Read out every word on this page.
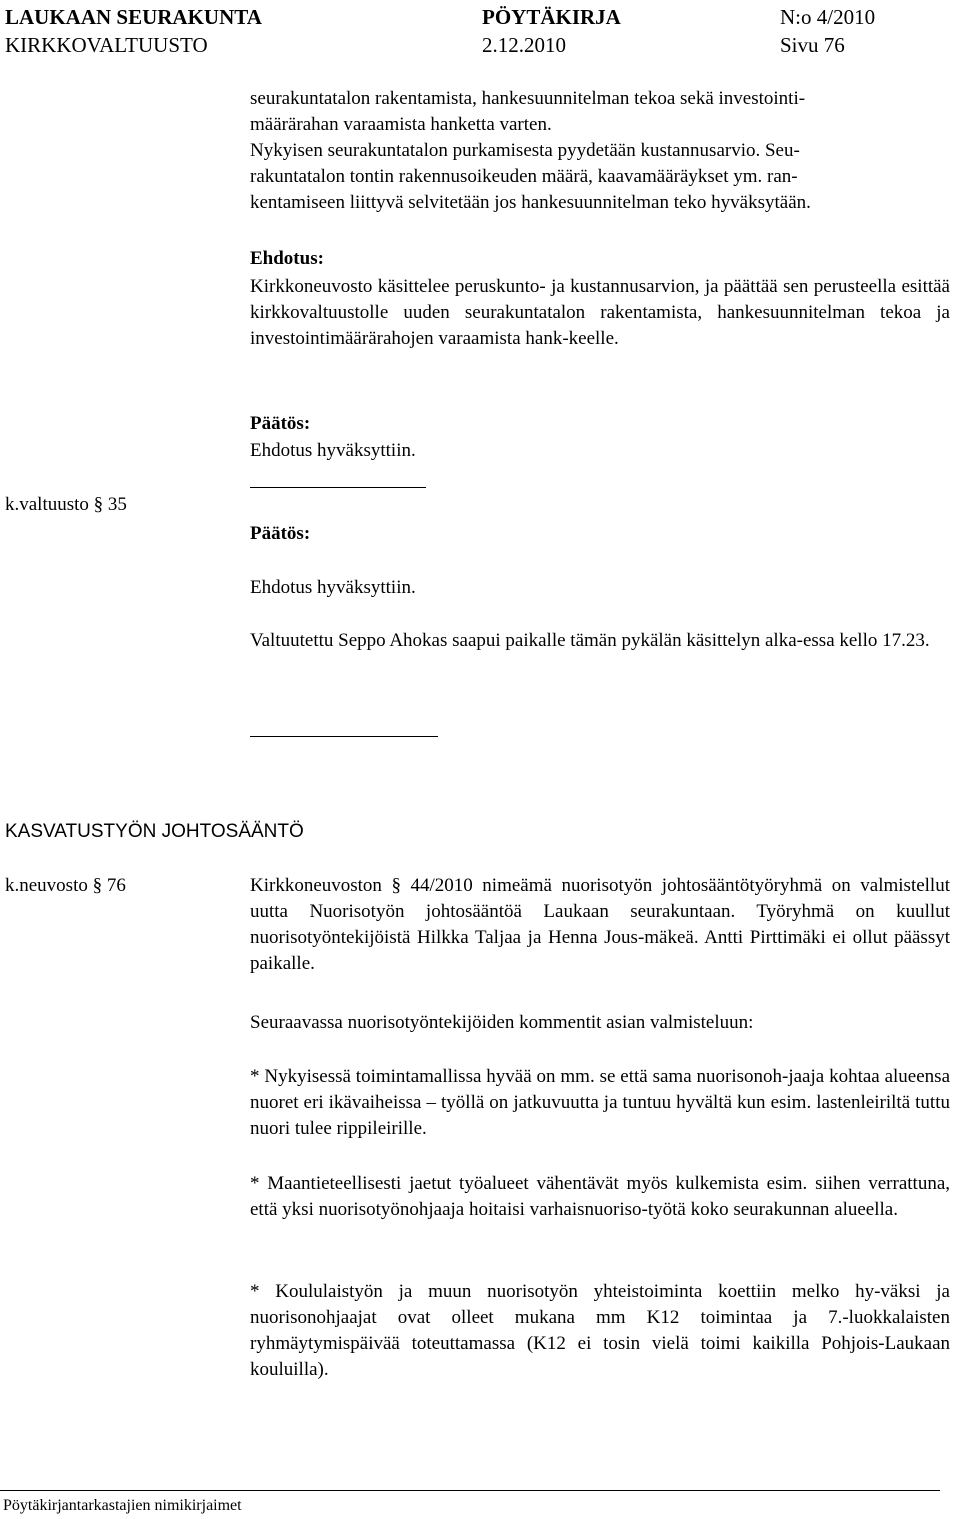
LAUKAAN SEURAKUNTA	PÖYTÄKIRJA	N:o 4/2010
KIRKKOVALTUUSTO	2.12.2010	Sivu 76
seurakuntatalon rakentamista, hankesuunnitelman tekoa sekä investointi-
määrärahan varaamista hanketta varten.
Nykyisen seurakuntatalon purkamisesta pyydetään kustannusarvio. Seu-
rakuntatalon tontin rakennusoikeuden määrä, kaavamääräykset ym. ran-
kentamiseen liittyvä selvitetään jos hankesuunnitelman teko hyväksytään.
Ehdotus:
Kirkkoneuvosto käsittelee peruskunto- ja kustannusarvion, ja päättää sen perusteella esittää kirkkovaltuustolle uuden seurakuntatalon rakentamista, hankesuunnitelman tekoa ja investointimäärärahojen varaamista hank-keelle.
Päätös:
Ehdotus hyväksyttiin.
k.valtuusto § 35
Päätös:
Ehdotus hyväksyttiin.
Valtuutettu Seppo Ahokas saapui paikalle tämän pykälän käsittelyn alka-essa kello 17.23.
KASVATUSTYÖN JOHTOSÄÄNTÖ
k.neuvosto § 76	Kirkkoneuvoston § 44/2010 nimeämä nuorisotyön johtosääntötyöryhmä on valmistellut uutta Nuorisotyön johtosääntöä Laukaan seurakuntaan. Työryhmä on kuullut nuorisotyöntekijöistä Hilkka Taljaa ja Henna Jous-mäkeä. Antti Pirttimäki ei ollut päässyt paikalle.
Seuraavassa nuorisotyöntekijöiden kommentit asian valmisteluun:
* Nykyisessä toimintamallissa hyvää on mm. se että sama nuorisonoh-jaaja kohtaa alueensa nuoret eri ikävaiheissa – työllä on jatkuvuutta ja tuntuu hyvältä kun esim. lastenleiriltä tuttu nuori tulee rippileirille.
* Maantieteellisesti jaetut työalueet vähentävät myös kulkemista esim. siihen verrattuna, että yksi nuorisotyönohjaaja hoitaisi varhaisnuoriso-työtä koko seurakunnan alueella.
* Koululaistyön ja muun nuorisotyön yhteistoiminta koettiin melko hy-väksi ja nuorisonohjaajat ovat olleet mukana mm K12 toimintaa ja 7.-luokkalaisten ryhmäytymispäivää toteuttamassa (K12 ei tosin vielä toimi kaikilla Pohjois-Laukaan kouluilla).
Pöytäkirjantarkastajien nimikirjaimet
